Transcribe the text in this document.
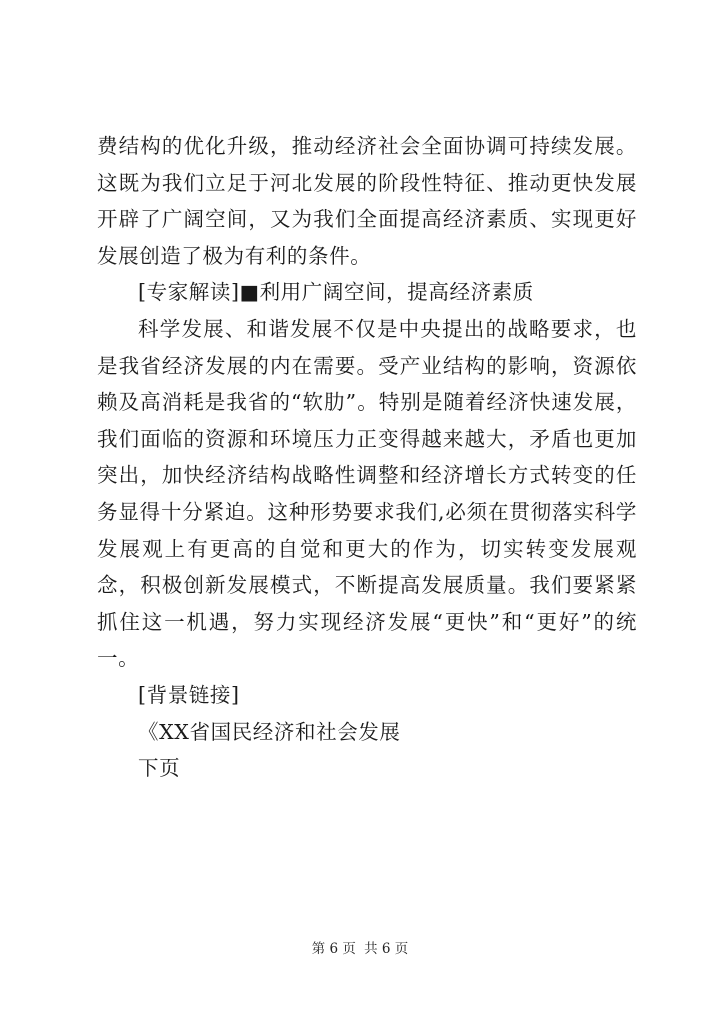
费结构的优化升级，推动经济社会全面协调可持续发展。这既为我们立足于河北发展的阶段性特征、推动更快发展开辟了广阔空间，又为我们全面提高经济素质、实现更好发展创造了极为有利的条件。

[专家解读]■利用广阔空间，提高经济素质

科学发展、和谐发展不仅是中央提出的战略要求，也是我省经济发展的内在需要。受产业结构的影响，资源依赖及高消耗是我省的“软肋”。特别是随着经济快速发展，我们面临的资源和环境压力正变得越来越大，矛盾也更加突出，加快经济结构战略性调整和经济增长方式转变的任务显得十分紧迫。这种形势要求我们,必须在贯彻落实科学发展观上有更高的自觉和更大的作为，切实转变发展观念，积极创新发展模式，不断提高发展质量。我们要紧紧抓住这一机遇，努力实现经济发展“更快”和“更好”的统一。

[背景链接]

《XX省国民经济和社会发展

下页

第 6 页 共 6 页
